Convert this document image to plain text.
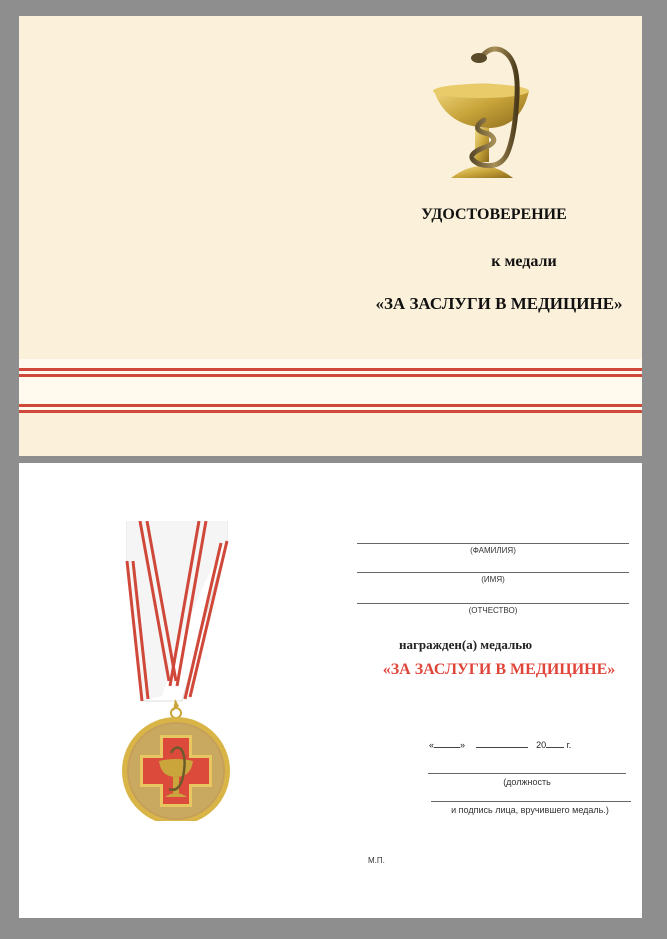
УДОСТОВЕРЕНИЕ
к медали
«ЗА ЗАСЛУГИ В МЕДИЦИНЕ»
(ФАМИЛИЯ)
(ИМЯ)
(ОТЧЕСТВО)
награжден(а) медалью
«ЗА ЗАСЛУГИ В МЕДИЦИНЕ»
«	»	20 г.
(должность
и подпись лица, вручившего медаль.)
М.П.
